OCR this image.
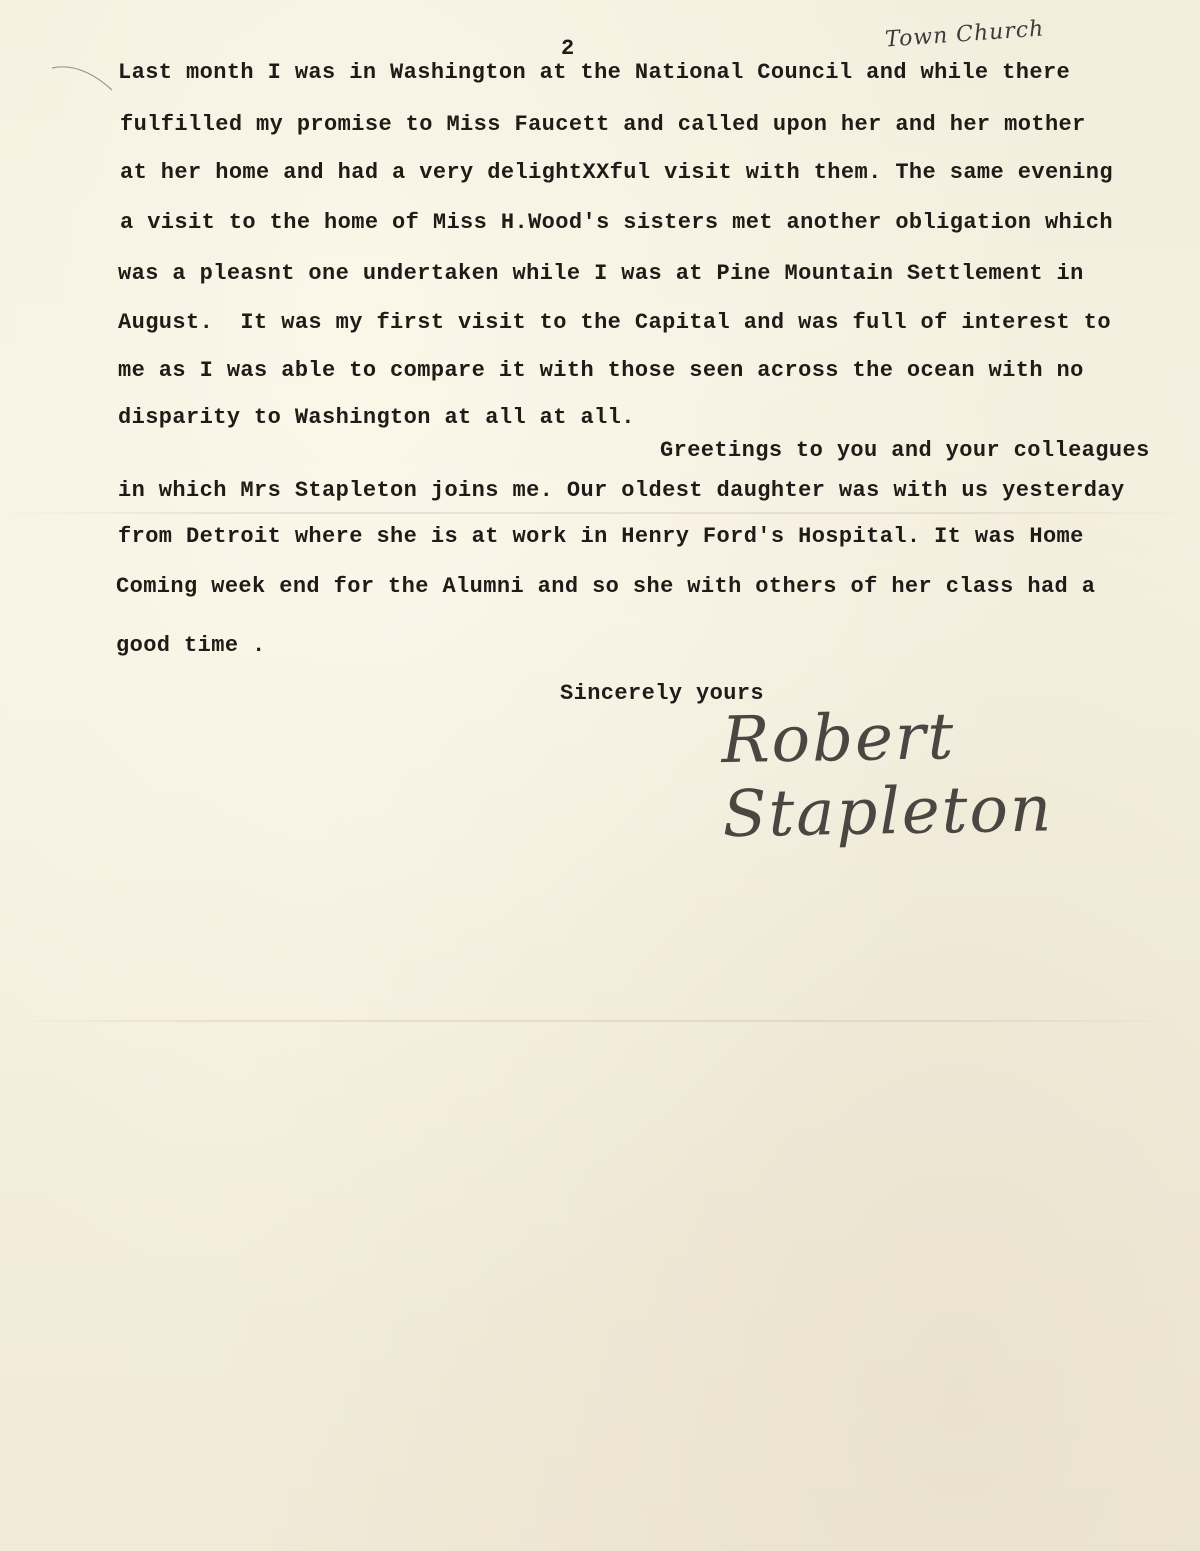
2	Town Church
Last month I was in Washington at the National Council and while there
fulfilled my promise to Miss Faucett and called upon her and her mother
at her home and had a very delightXXful visit with them. The same evening
a visit to the home of Miss H.Wood's sisters met another obligation which
was a pleasnt one undertaken while I was at Pine Mountain Settlement in
August.  It was my first visit to the Capital and was full of interest to
me as I was able to compare it with those seen across the ocean with no
disparity to Washington at all at all.
Greetings to you and your colleagues
in which Mrs Stapleton joins me. Our oldest daughter was with us yesterday
from Detroit where she is at work in Henry Ford's Hospital. It was Home
Coming week end for the Alumni and so she with others of her class had a
good time .
Sincerely yours
Robert Stapleton
